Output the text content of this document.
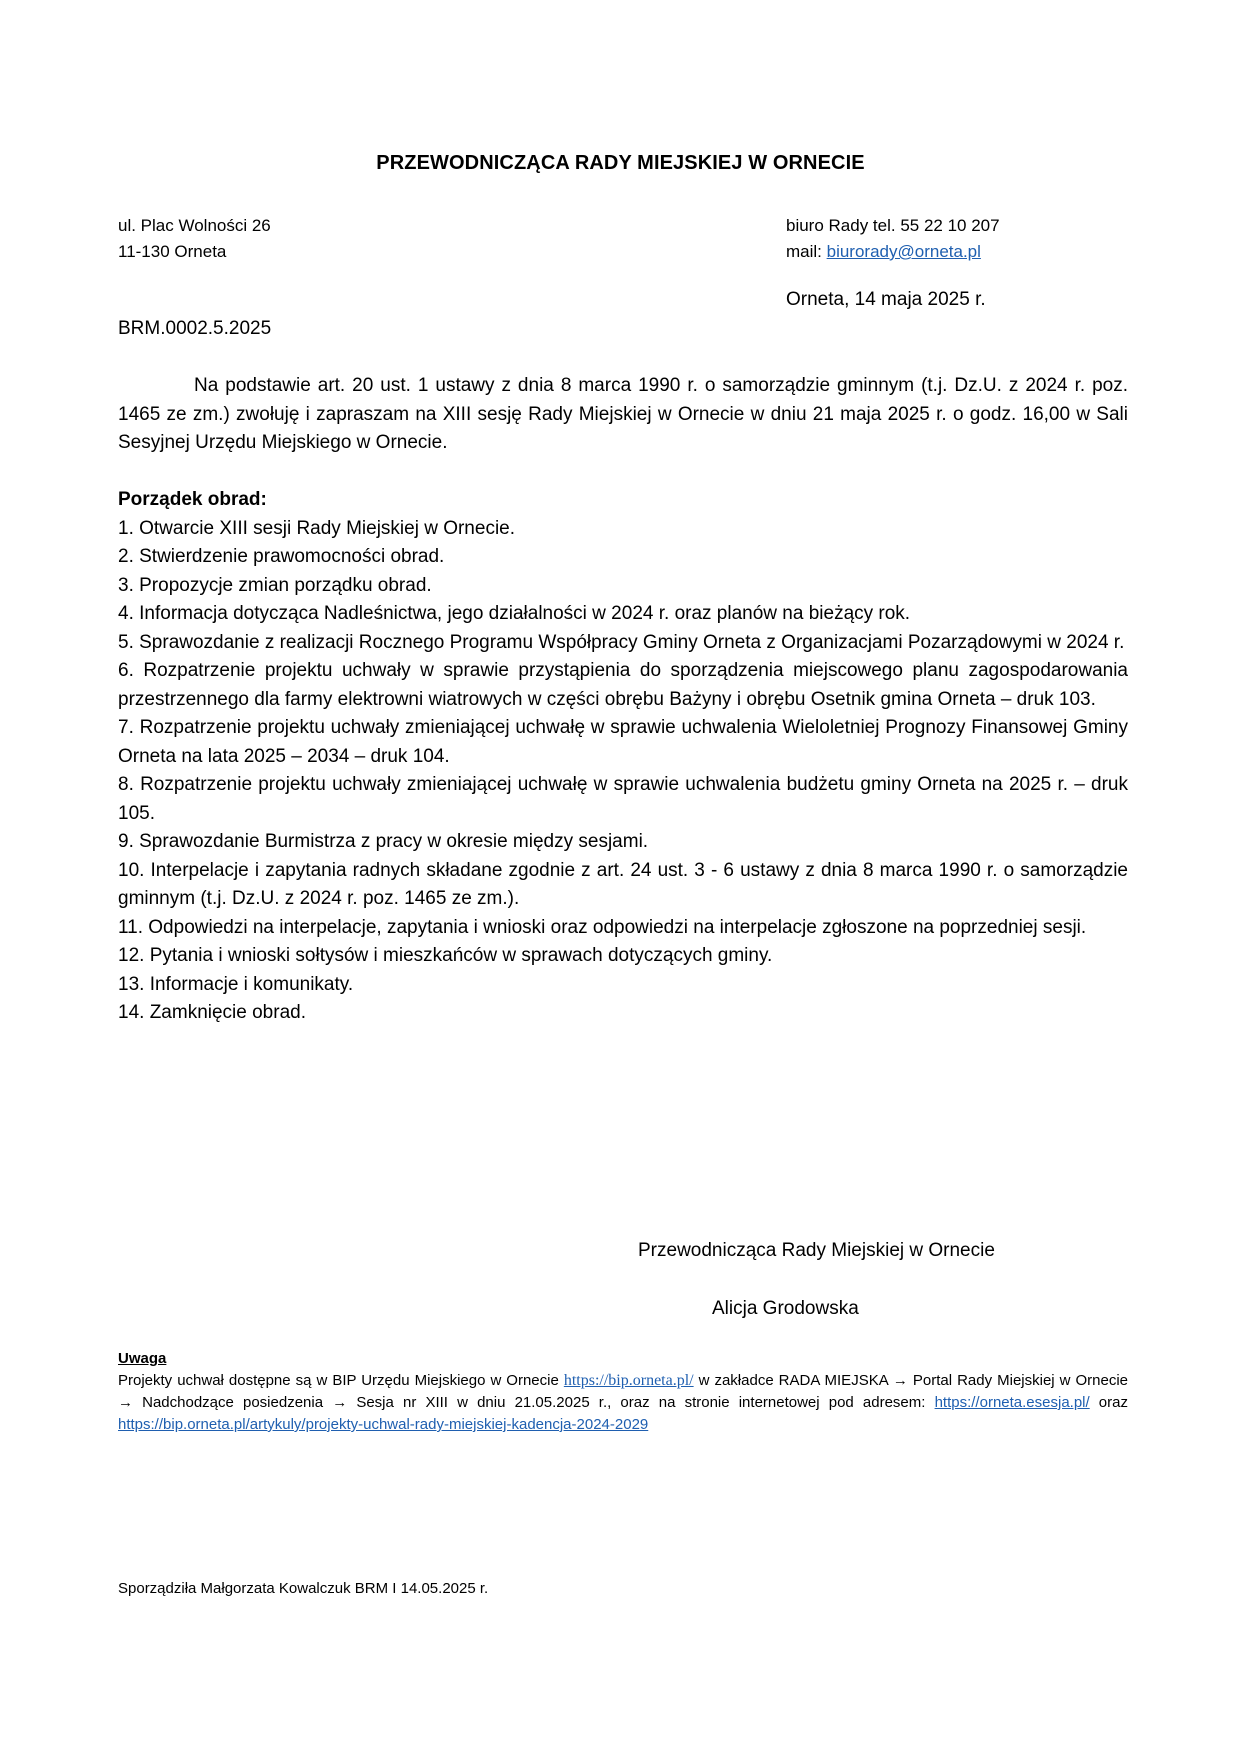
PRZEWODNICZĄCA RADY MIEJSKIEJ W ORNECIE
ul. Plac Wolności 26
11-130 Orneta
biuro Rady tel. 55 22 10 207
mail: biurorady@orneta.pl
Orneta, 14 maja 2025 r.
BRM.0002.5.2025

Na podstawie art. 20 ust. 1 ustawy z dnia 8 marca 1990 r. o samorządzie gminnym (t.j. Dz.U. z 2024 r. poz. 1465 ze zm.) zwołuję i zapraszam na XIII sesję Rady Miejskiej w Ornecie w dniu 21 maja 2025 r. o godz. 16,00 w Sali Sesyjnej Urzędu Miejskiego w Ornecie.

Porządek obrad:
1. Otwarcie XIII sesji Rady Miejskiej w Ornecie.
2. Stwierdzenie prawomocności obrad.
3. Propozycje zmian porządku obrad.
4. Informacja dotycząca Nadleśnictwa, jego działalności w 2024 r. oraz planów na bieżący rok.
5. Sprawozdanie z realizacji Rocznego Programu Współpracy Gminy Orneta z Organizacjami Pozarządowymi w 2024 r.
6. Rozpatrzenie projektu uchwały w sprawie przystąpienia do sporządzenia miejscowego planu zagospodarowania przestrzennego dla farmy elektrowni wiatrowych w części obrębu Bażyny i obrębu Osetnik gmina Orneta – druk 103.
7. Rozpatrzenie projektu uchwały zmieniającej uchwałę w sprawie uchwalenia Wieloletniej Prognozy Finansowej Gminy Orneta na lata 2025 – 2034 – druk 104.
8. Rozpatrzenie projektu uchwały zmieniającej uchwałę w sprawie uchwalenia budżetu gminy Orneta na 2025 r. – druk 105.
9. Sprawozdanie Burmistrza z pracy w okresie między sesjami.
10. Interpelacje i zapytania radnych składane zgodnie z art. 24 ust. 3 - 6 ustawy z dnia 8 marca 1990 r. o samorządzie gminnym (t.j. Dz.U. z 2024 r. poz. 1465 ze zm.).
11. Odpowiedzi na interpelacje, zapytania i wnioski oraz odpowiedzi na interpelacje zgłoszone na poprzedniej sesji.
12. Pytania i wnioski sołtysów i mieszkańców w sprawach dotyczących gminy.
13. Informacje i komunikaty.
14. Zamknięcie obrad.
Przewodnicząca Rady Miejskiej w Ornecie
Alicja Grodowska
Uwaga

Projekty uchwał dostępne są w BIP Urzędu Miejskiego w Ornecie https://bip.orneta.pl/ w zakładce RADA MIEJSKA → Portal Rady Miejskiej w Ornecie → Nadchodzące posiedzenia → Sesja nr XIII w dniu 21.05.2025 r., oraz na stronie internetowej pod adresem: https://orneta.esesja.pl/ oraz https://bip.orneta.pl/artykuly/projekty-uchwal-rady-miejskiej-kadencja-2024-2029

Sporządziła Małgorzata Kowalczuk BRM I 14.05.2025 r.
